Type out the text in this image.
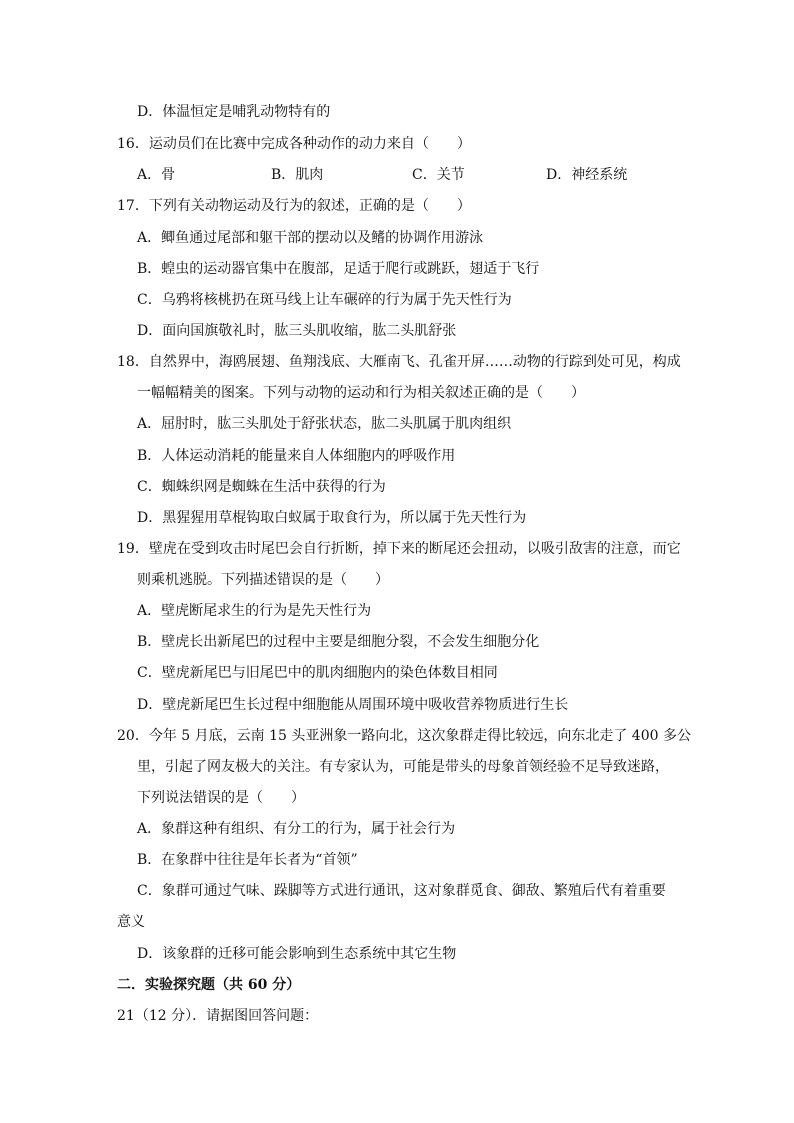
D．体温恒定是哺乳动物特有的
16．运动员们在比赛中完成各种动作的动力来自（　　）
A．骨	B．肌肉	C．关节	D．神经系统
17．下列有关动物运动及行为的叙述，正确的是（　　）
A．鲫鱼通过尾部和躯干部的摆动以及鳍的协调作用游泳
B．蝗虫的运动器官集中在腹部，足适于爬行或跳跃，翅适于飞行
C．乌鸦将核桃扔在斑马线上让车碾碎的行为属于先天性行为
D．面向国旗敬礼时，肱三头肌收缩，肱二头肌舒张
18．自然界中，海鸥展翅、鱼翔浅底、大雁南飞、孔雀开屏……动物的行踪到处可见，构成
一幅幅精美的图案。下列与动物的运动和行为相关叙述正确的是（　　）
A．屈肘时，肱三头肌处于舒张状态，肱二头肌属于肌肉组织
B．人体运动消耗的能量来自人体细胞内的呼吸作用
C．蜘蛛织网是蜘蛛在生活中获得的行为
D．黑猩猩用草棍钩取白蚁属于取食行为，所以属于先天性行为
19．壁虎在受到攻击时尾巴会自行折断，掉下来的断尾还会扭动，以吸引敌害的注意，而它
则乘机逃脱。下列描述错误的是（　　）
A．壁虎断尾求生的行为是先天性行为
B．壁虎长出新尾巴的过程中主要是细胞分裂，不会发生细胞分化
C．壁虎新尾巴与旧尾巴中的肌肉细胞内的染色体数目相同
D．壁虎新尾巴生长过程中细胞能从周围环境中吸收营养物质进行生长
20．今年 5 月底，云南 15 头亚洲象一路向北，这次象群走得比较远，向东北走了 400 多公
里，引起了网友极大的关注。有专家认为，可能是带头的母象首领经验不足导致迷路，
下列说法错误的是（　　）
A．象群这种有组织、有分工的行为，属于社会行为
B．在象群中往往是年长者为“首领”
C．象群可通过气味、跺脚等方式进行通讯，这对象群觅食、御敌、繁殖后代有着重要
意义
D．该象群的迁移可能会影响到生态系统中其它生物
二．实验探究题（共 60 分）
21（12 分）．请据图回答问题：
